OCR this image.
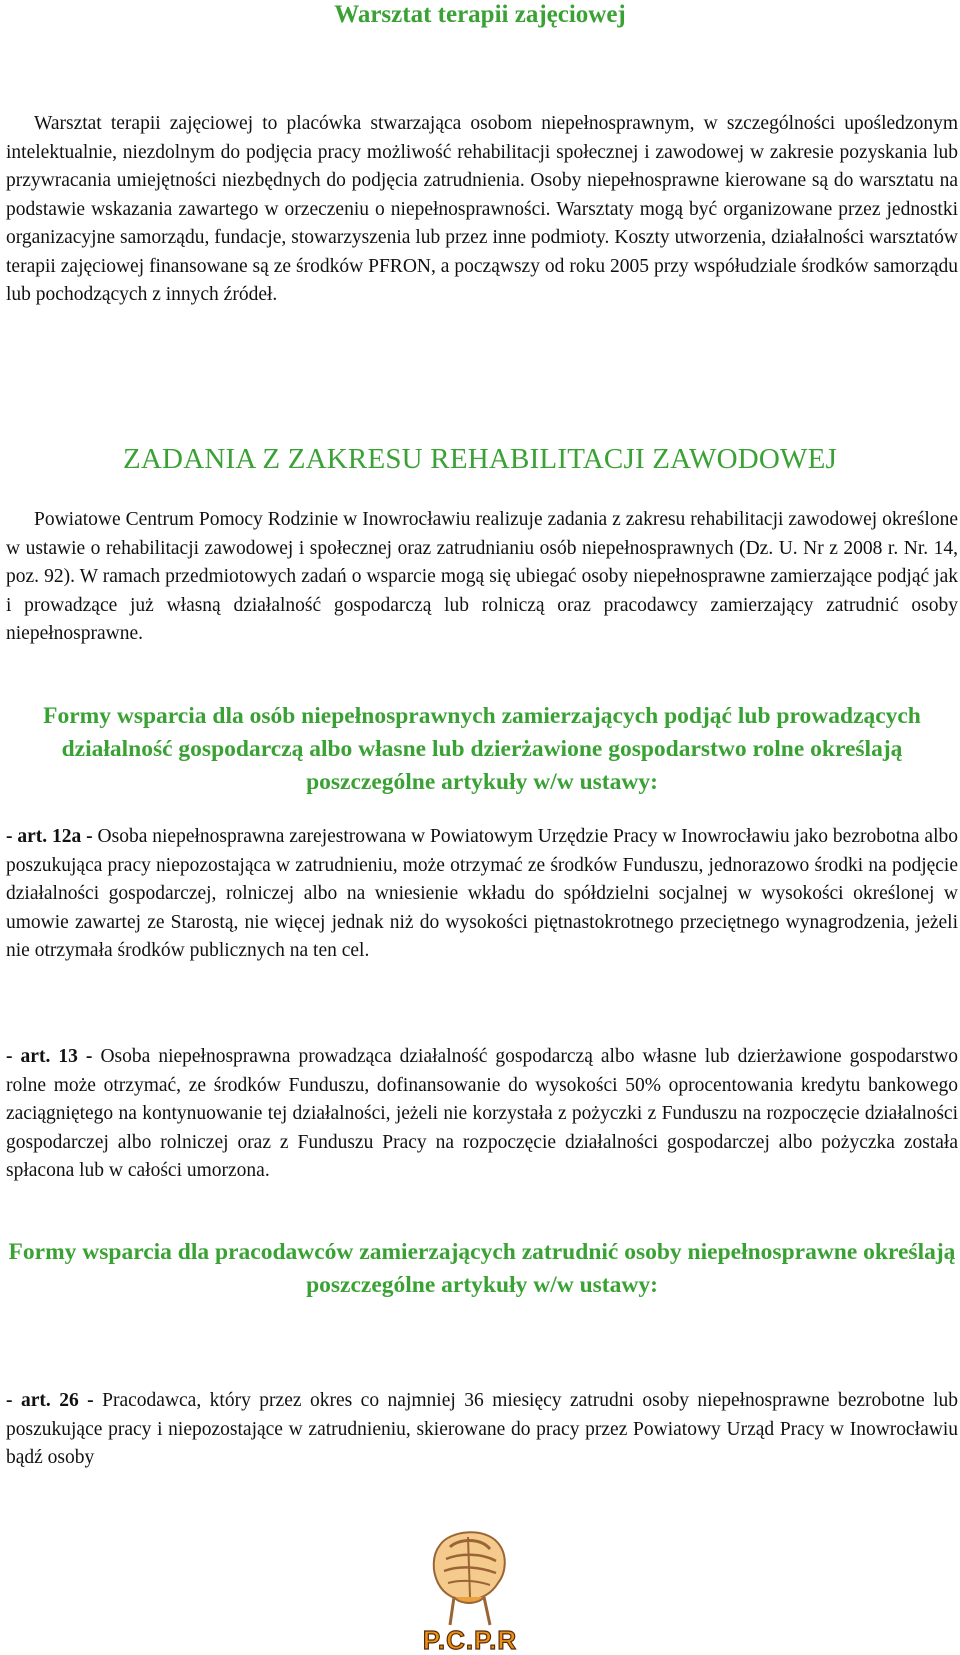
Warsztat terapii zajęciowej

Warsztat terapii zajęciowej to placówka stwarzająca osobom niepełnosprawnym, w szczególności upośledzonym intelektualnie, niezdolnym do podjęcia pracy możliwość rehabilitacji społecznej i zawodowej w zakresie pozyskania lub przywracania umiejętności niezbędnych do podjęcia zatrudnienia. Osoby niepełnosprawne kierowane są do warsztatu na podstawie wskazania zawartego w orzeczeniu o niepełnosprawności. Warsztaty mogą być organizowane przez jednostki organizacyjne samorządu, fundacje, stowarzyszenia lub przez inne podmioty. Koszty utworzenia, działalności warsztatów terapii zajęciowej finansowane są ze środków PFRON, a począwszy od roku 2005 przy współudziale środków samorządu lub pochodzących z innych źródeł.

ZADANIA Z ZAKRESU REHABILITACJI ZAWODOWEJ

Powiatowe Centrum Pomocy Rodzinie w Inowrocławiu realizuje zadania z zakresu rehabilitacji zawodowej określone w ustawie o rehabilitacji zawodowej i społecznej oraz zatrudnianiu osób niepełnosprawnych (Dz. U. Nr z 2008 r. Nr. 14, poz. 92). W ramach przedmiotowych zadań o wsparcie mogą się ubiegać osoby niepełnosprawne zamierzające podjąć jak i prowadzące już własną działalność gospodarczą lub rolniczą oraz pracodawcy zamierzający zatrudnić osoby niepełnosprawne.

Formy wsparcia dla osób niepełnosprawnych zamierzających podjąć lub prowadzących działalność gospodarczą albo własne lub dzierżawione gospodarstwo rolne określają poszczególne artykuły w/w ustawy:

- art. 12a - Osoba niepełnosprawna zarejestrowana w Powiatowym Urzędzie Pracy w Inowrocławiu jako bezrobotna albo poszukująca pracy niepozostająca w zatrudnieniu, może otrzymać ze środków Funduszu, jednorazowo środki na podjęcie działalności gospodarczej, rolniczej albo na wniesienie wkładu do spółdzielni socjalnej w wysokości określonej w umowie zawartej ze Starostą, nie więcej jednak niż do wysokości piętnastokrotnego przeciętnego wynagrodzenia, jeżeli nie otrzymała środków publicznych na ten cel.

- art. 13 - Osoba niepełnosprawna prowadząca działalność gospodarczą albo własne lub dzierżawione gospodarstwo rolne może otrzymać, ze środków Funduszu, dofinansowanie do wysokości 50% oprocentowania kredytu bankowego zaciągniętego na kontynuowanie tej działalności, jeżeli nie korzystała z pożyczki z Funduszu na rozpoczęcie działalności gospodarczej albo rolniczej oraz z Funduszu Pracy na rozpoczęcie działalności gospodarczej albo pożyczka została spłacona lub w całości umorzona.

Formy wsparcia dla pracodawców zamierzających zatrudnić osoby niepełnosprawne określają poszczególne artykuły w/w ustawy:

- art. 26 - Pracodawca, który przez okres co najmniej 36 miesięcy zatrudni osoby niepełnosprawne bezrobotne lub poszukujące pracy i niepozostające w zatrudnieniu, skierowane do pracy przez Powiatowy Urząd Pracy w Inowrocławiu bądź osoby

P.C.P.R
